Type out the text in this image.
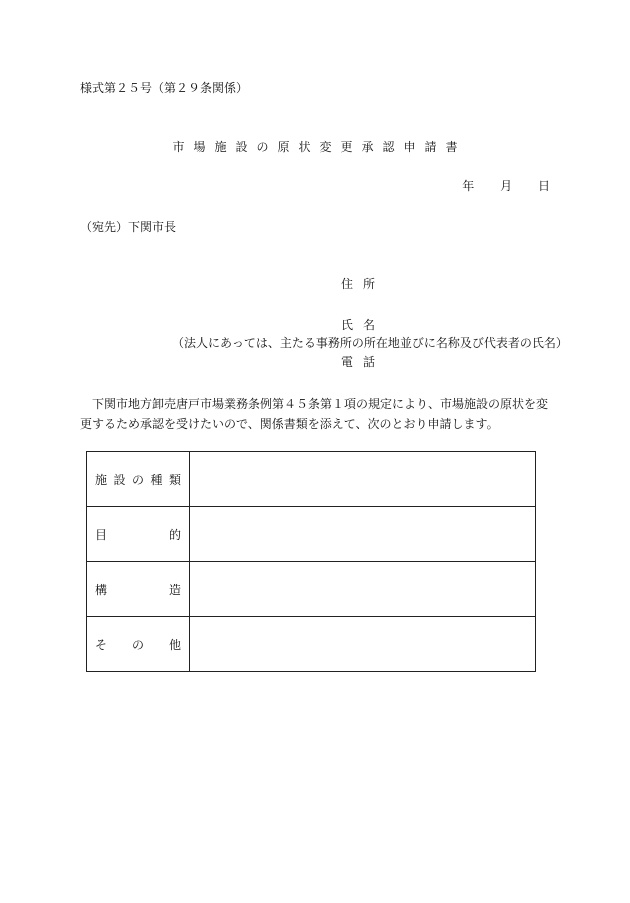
様式第２５号（第２９条関係）
市場施設の原状変更承認申請書
年 月 日
（宛先）下関市長
住所
氏名
（法人にあっては、主たる事務所の所在地並びに名称及び代表者の氏名）
電話
下関市地方卸売唐戸市場業務条例第４５条第１項の規定により、市場施設の原状を変更するため承認を受けたいので、関係書類を添えて、次のとおり申請します。
施 設 の 種 類	

目 的	

構 造	

そ の 他	
